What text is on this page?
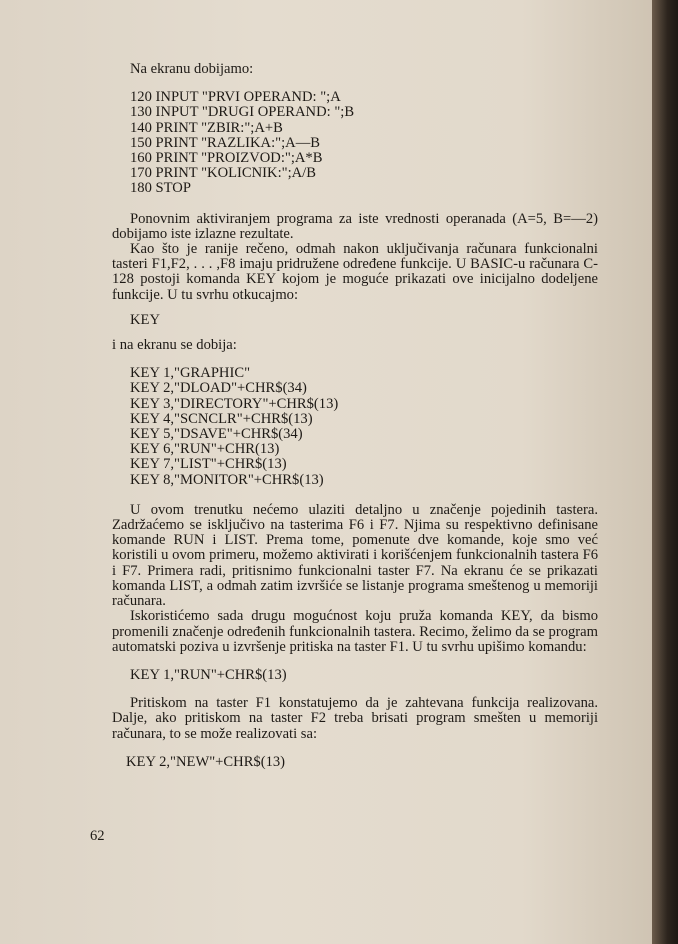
Na ekranu dobijamo:

120 INPUT "PRVI OPERAND: ";A
130 INPUT "DRUGI OPERAND: ";B
140 PRINT "ZBIR:";A+B
150 PRINT "RAZLIKA:";A—B
160 PRINT "PROIZVOD:";A*B
170 PRINT "KOLICNIK:";A/B
180 STOP

Ponovnim aktiviranjem programa za iste vrednosti operanada (A=5, B=—2) dobijamo iste izlazne rezultate.

Kao što je ranije rečeno, odmah nakon uključivanja računara funkcionalni tasteri F1,F2, . . . ,F8 imaju pridružene određene funkcije. U BASIC-u računara C-128 postoji komanda KEY kojom je moguće prikazati ove inicijalno dodeljene funkcije. U tu svrhu otkucajmo:

KEY

i na ekranu se dobija:

KEY 1,"GRAPHIC"
KEY 2,"DLOAD"+CHR$(34)
KEY 3,"DIRECTORY"+CHR$(13)
KEY 4,"SCNCLR"+CHR$(13)
KEY 5,"DSAVE"+CHR$(34)
KEY 6,"RUN"+CHR(13)
KEY 7,"LIST"+CHR$(13)
KEY 8,"MONITOR"+CHR$(13)

U ovom trenutku nećemo ulaziti detaljno u značenje pojedinih tastera. Zadržaćemo se isključivo na tasterima F6 i F7. Njima su respektivno definisane komande RUN i LIST. Prema tome, pomenute dve komande, koje smo već koristili u ovom primeru, možemo aktivirati i korišćenjem funkcionalnih tastera F6 i F7. Primera radi, pritisnimo funkcionalni taster F7. Na ekranu će se prikazati komanda LIST, a odmah zatim izvršiće se listanje programa smeštenog u memoriji računara.

Iskoristićemo sada drugu mogućnost koju pruža komanda KEY, da bismo promenili značenje određenih funkcionalnih tastera. Recimo, želimo da se program automatski poziva u izvršenje pritiska na taster F1. U tu svrhu upišimo komandu:

KEY 1,"RUN"+CHR$(13)

Pritiskom na taster F1 konstatujemo da je zahtevana funkcija realizovana. Dalje, ako pritiskom na taster F2 treba brisati program smešten u memoriji računara, to se može realizovati sa:

KEY 2,"NEW"+CHR$(13)
62
